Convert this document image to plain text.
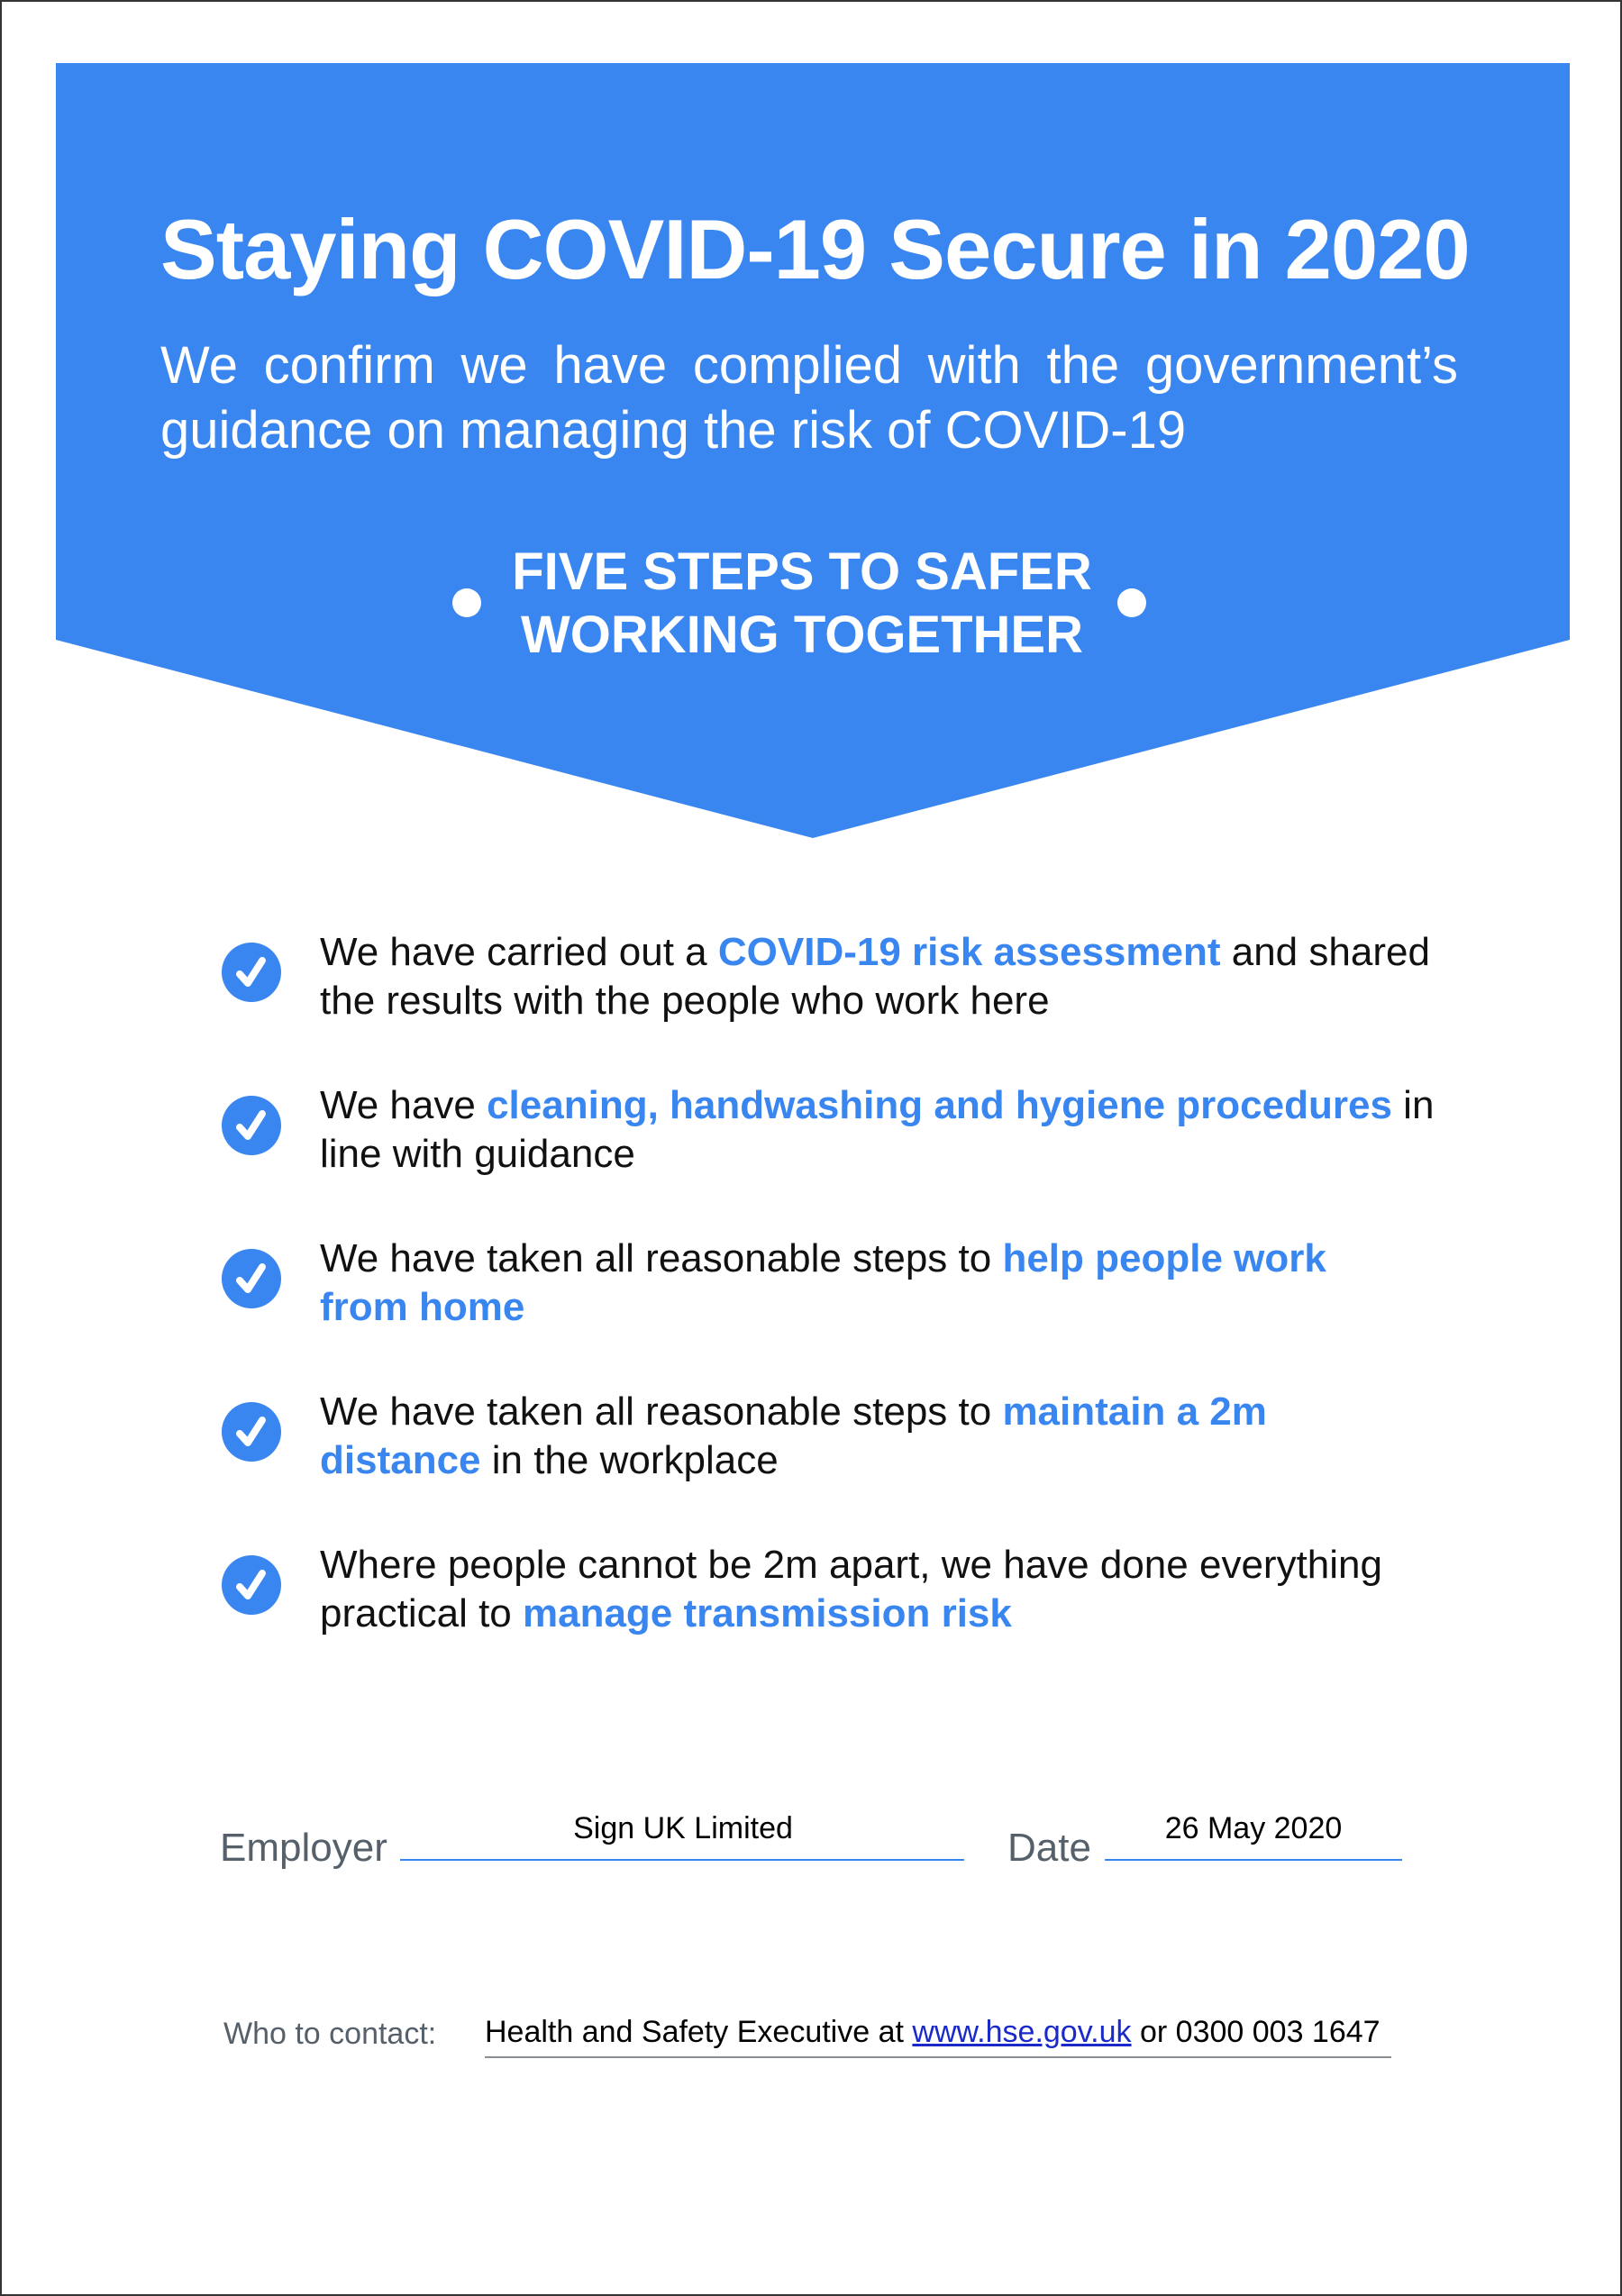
Staying COVID-19 Secure in 2020
We confirm we have complied with the government’s
guidance on managing the risk of COVID-19
FIVE STEPS TO SAFER
WORKING TOGETHER
We have carried out a COVID-19 risk assessment and shared the results with the people who work here
We have cleaning, handwashing and hygiene procedures in line with guidance
We have taken all reasonable steps to help people work from home
We have taken all reasonable steps to maintain a 2m distance in the workplace
Where people cannot be 2m apart, we have done everything practical to manage transmission risk
Employer	Sign UK Limited	Date	26 May 2020
Who to contact: Health and Safety Executive at www.hse.gov.uk or 0300 003 1647
